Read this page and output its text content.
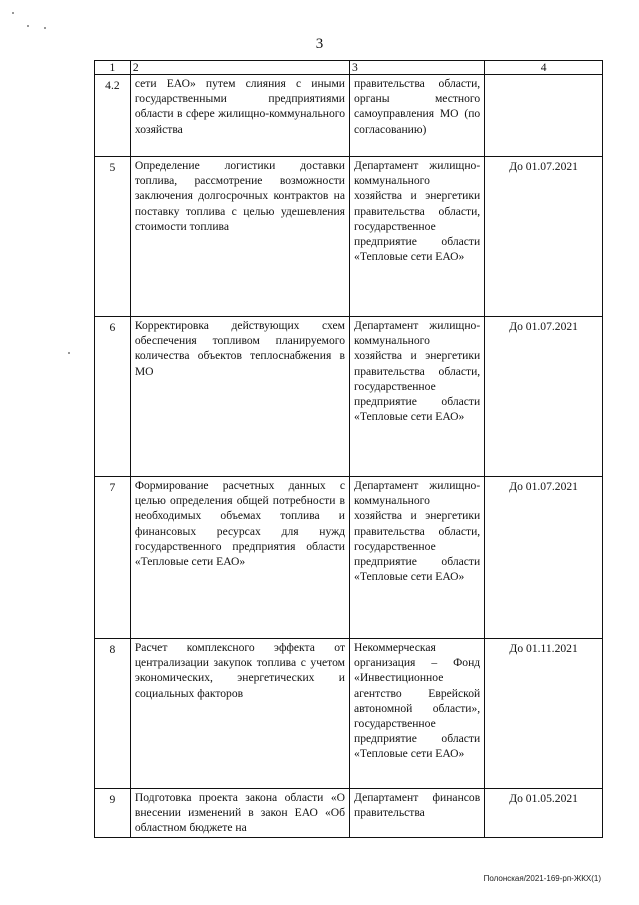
3
1	2	3	4
4.2	сети ЕАО» путем слияния с иными государственными предприятиями области в сфере жилищно-коммунального хозяйства	правительства области, органы местного самоуправления МО (по согласованию)	
5	Определение логистики доставки топлива, рассмотрение возможности заключения долгосрочных контрактов на поставку топлива с целью удешевления стоимости топлива	Департамент жилищно-коммунального хозяйства и энергетики правительства области, государственное предприятие области «Тепловые сети ЕАО»	До 01.07.2021
6	Корректировка действующих схем обеспечения топливом планируемого количества объектов теплоснабжения в МО	Департамент жилищно-коммунального хозяйства и энергетики правительства области, государственное предприятие области «Тепловые сети ЕАО»	До 01.07.2021
7	Формирование расчетных данных с целью определения общей потребности в необходимых объемах топлива и финансовых ресурсах для нужд государственного предприятия области «Тепловые сети ЕАО»	Департамент жилищно-коммунального хозяйства и энергетики правительства области, государственное предприятие области «Тепловые сети ЕАО»	До 01.07.2021
8	Расчет комплексного эффекта от централизации закупок топлива с учетом экономических, энергетических и социальных факторов	Некоммерческая организация – Фонд «Инвестиционное агентство Еврейской автономной области», государственное предприятие области «Тепловые сети ЕАО»	До 01.11.2021
9	Подготовка проекта закона области «О внесении изменений в закон ЕАО «Об областном бюджете на	Департамент финансов правительства	До 01.05.2021
Полонская/2021-169-рп-ЖКХ(1)
